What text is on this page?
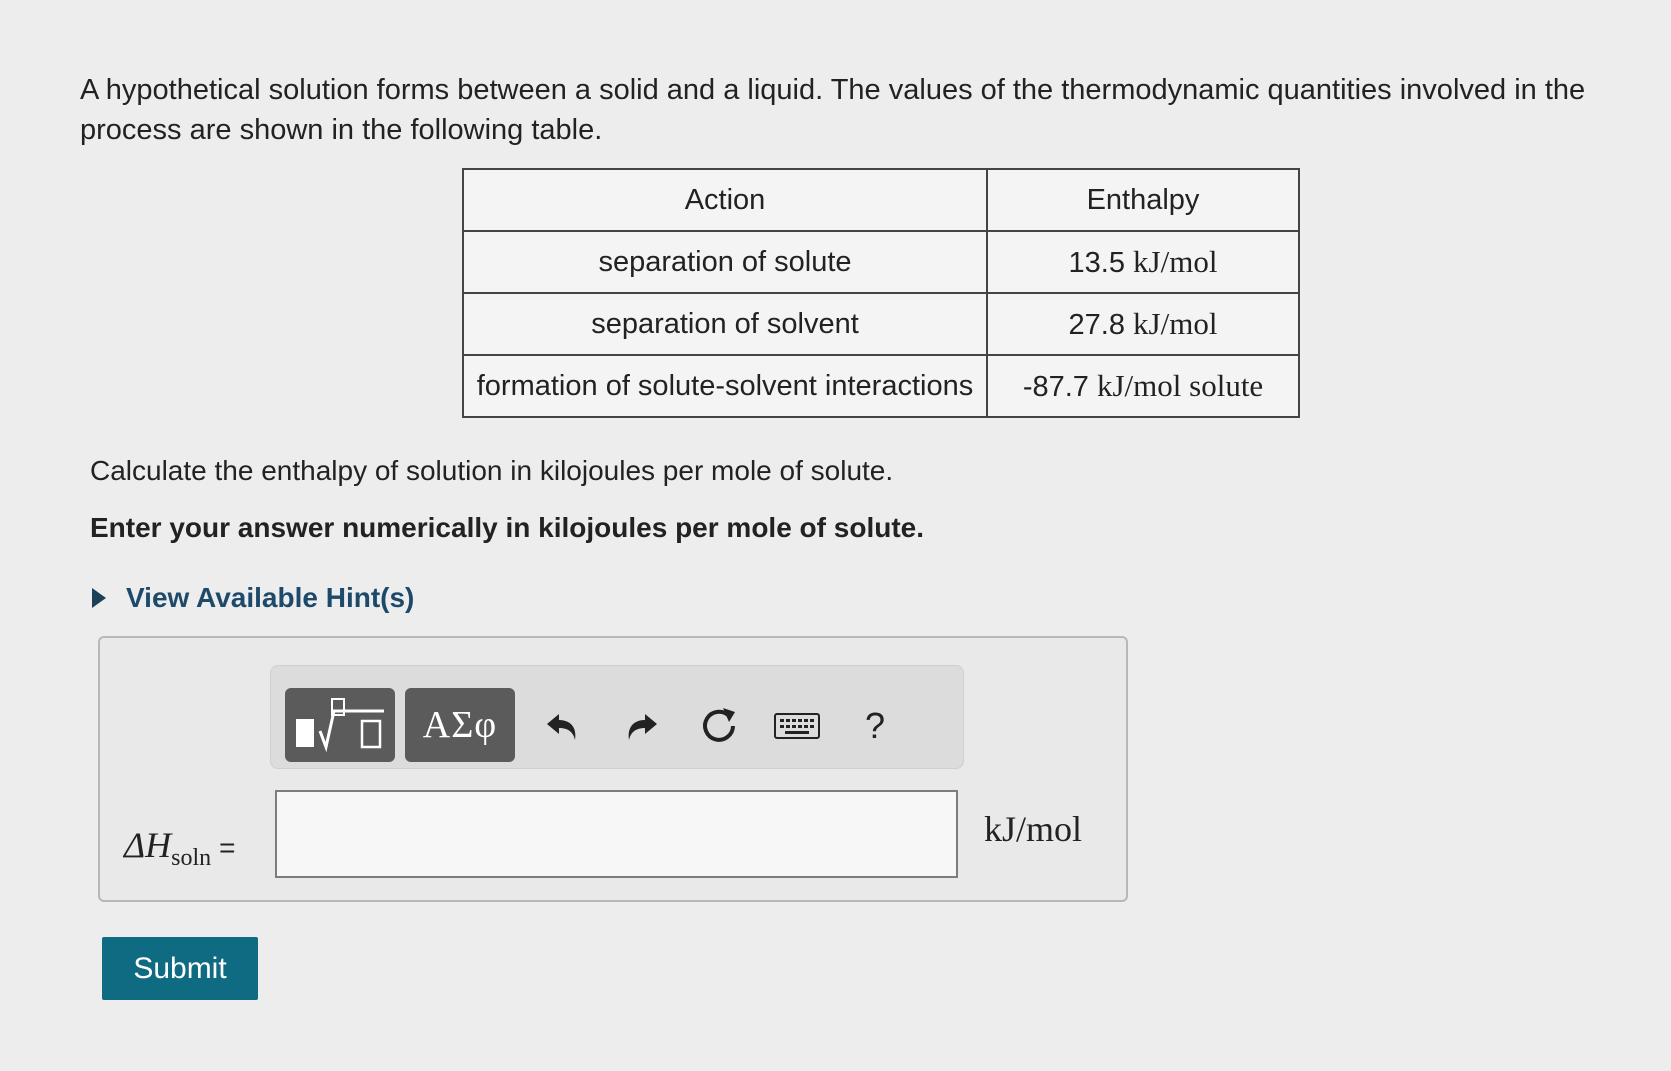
A hypothetical solution forms between a solid and a liquid. The values of the thermodynamic quantities involved in the process are shown in the following table.
Action	Enthalpy
separation of solute	13.5 kJ/mol
separation of solvent	27.8 kJ/mol
formation of solute-solvent interactions	-87.7 kJ/mol solute
Calculate the enthalpy of solution in kilojoules per mole of solute.
Enter your answer numerically in kilojoules per mole of solute.
View Available Hint(s)
ΑΣφ	?
$\Delta H_{soln}$ =	kJ/mol
Submit
